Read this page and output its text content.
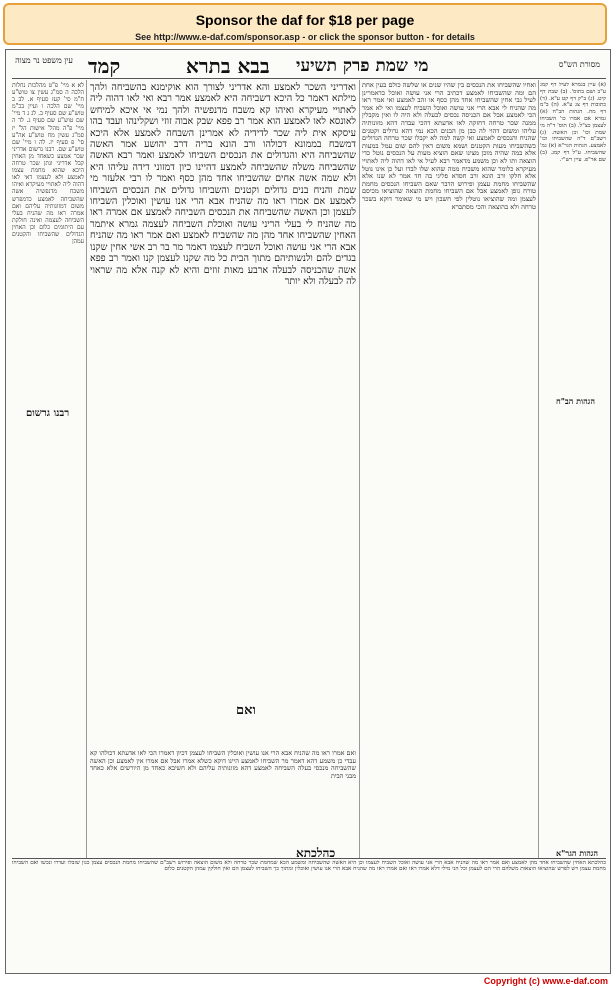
Sponsor the daf for $18 per page
See http://www.e-daf.com/sponsor.asp - or click the sponsor button - for details
עין משפט נר מצוה קמד	מי שמת פרק תשיעי
בבא בתרא	מסורת הש"ס

לא א מיי' פ"ט מהלכות נחלות הלכה ה סמ"ג עשין צו טוש"ע ח"מ סי' קעז סעיף א. לב ב מיי' שם הלכה ו ועיין בכ"מ טוש"ע שם סעיף ב. לג ג ד מיי' שם טוש"ע שם סעיף ג. לד ה מיי' פ"ה מהל' אישות הל' יז סמ"ג עשין מח טוש"ע אה"ע סי' פ סעיף יז. לה ו מיי' שם טוש"ע שם. רבנו גרשום אדריני שכר אמצע כשאחד מן האחין קבל אדריני ונתן שכר טרחה היכא שהוא מחמת עצמו לאמצע ולא לעצמו דאי לאו דהוה ליה לאתויי מעיקרא ואיהו משבח מדנפשיה אשה שהשביחה לאמצע כדמפרש משום דמזונותיה עליהם ואם אמרה ראו מה שהניח בעלי השביחה לעצמה ואינה חולקת עם היתומים כלום וכן האחין הגדולים שהשביחו והקטנים עמהן

ואדריני השכר לאמצע והא אדריני לצורך הוא אוקימנא בהשביחה ולהך מילתא דאמר כל היכא דשביחה היא לאמצע אמר רבא ואי לאו דהוה ליה לאתויי מעיקרא ואיהו קא משבח מדנפשיה ולהך נמי אי איכא למיחש לאונסא לאו לאמצע הוא אמר רב פפא שבק אבוה זוזי ושקלינהו ועבד בהו עיסקא אית ליה שכר לדידיה לא אמרינן השבחה לאמצע אלא היכא דמשבח בממונא דכולהו ורב הונא בריה דרב יהושע אמר האשה שהשביחה היא והגדולים את הנכסים השביחו לאמצע ואמר רבא האשה שהשביחה משלה שהשביחה לאמצע דהיינו כיון דמזוני דידה עליהו היא ולא שמה אשה אחים שהשביחו אחד מהן כסף ואמר לו רבי אלעזר מי שמת והניח בנים גדולים וקטנים והשביחו גדולים את הנכסים השביחו לאמצע אם אמרו ראו מה שהניח אבא הרי אנו עושין ואוכלין השביחו לעצמן וכן האשה שהשביחה את הנכסים השביחה לאמצע אם אמרה ראו מה שהניח לי בעלי הריני עושה ואוכלת השביחה לעצמה גמרא איתמר האחין שהשביחו אחד מהן מה שהשביח לאמצע ואם אמר ראו מה שהניח אבא הרי אני עושה ואוכל השביח לעצמו דאמר מר בר רב אשי אחין שקנו בגדים להם ולנשותיהם מתוך הבית כל מה שקנו לעצמן קנו ואמר רב פפא אשה שהכניסה לבעלה ארבע מאות זוזים והיא לא קנה אלא מה שראוי לה לבעלה ולא יותר

ואחיו שהשביחו את הנכסים בין שהיו שנים או שלשה כולם בעין אחת הם ומה שהשביחו לאמצע דכתיב הרי אני עושה ואוכל כדאמרינן לעיל גבי אחין שהשביחו אחד מהן כסף או זהב לאמצע ואי אמר ראו מה שהניח לי אבא הרי אני עושה ואוכל השביח לעצמו ואי לא אמר הכי לאמצע אבל אם הכניסה נכסים לבעלה ולא היה לו ואין מקבלין ממנה שכר טרחה דחזקה לאו אדעתא דהכי עבדה דהא מזונותיה עליהו ומשום דהוי לה כבן מן הבנים הכא נמי דהא גדולים וקטנים שהניח והנכסים לאמצע ואי קשה למה לא יקבלו שכר טרחה הגדולים כשהשביחו מעות הקטנים ושמא משום דאין להם שום עמל במעות אלא במה שהיה מוכן מצינו שאם הוציא מעות על הנכסים נוטל כדי הוצאה ותו לא וכן משמע מדאמר רבא לעיל אי לאו דהוה ליה לאתויי מעיקרא כלומר שהוא משביח ממה שהוא שלו לבדו ועל כן אינו נוטל אלא חלקו ורב הונא ורב חסדא פליגי בה חד אמר לא שנו אלא שהשביחו מחמת עצמן ופירוש הדבר שאם השביחו הנכסים מחמת טורח גופן לאמצע אבל אם השביחו מחמת הוצאה שהוציאו מכיסם לעצמן ומה שהוציאו נוטלין לפי חשבון ויש מי שאומר דוקא בשכר טרחה ולא בהוצאה והכי מסתברא

(א) עיין בגמרא לעיל דף קמג ע"ב ושם בתוס'. (ב) שבת דף קיט. (ג) ב"ק דף קט ע"א. (ד) כתובות דף צג ע"א. (ה) ב"מ דף מח. הגהות הב"ח (א) גמרא אם אמרו כו' השביחו לעצמן כצ"ל. (ב) תוס' ד"ה מי שמת וכו' וכן האשה. (ג) רשב"ם ד"ה שהשביחו וכו' לאמצע. הגהות הגר"א (א) גמ' שהשביחו. ע"ל דף קמג. (ב) שם אר"פ. עיין רש"י.

ואם אמרו ראו מה שהניח אבא הרי אנו עושין ואוכלין השביחו לעצמן דכיון דאמרו הכי לאו אדעתא דכולהו קא עבדי כן משמע דהא דאמר מר השביחו לאמצע היינו דוקא כשלא אמרו אבל אם אמרו אין לאמצע וכן האשה שהשביחה מנכסי בעלה השביחה לאמצע דהא מזונותיה עליהם ולא חשיבא כאחד מן היורשים אלא כאחד מבני הבית

ואם
רבנו גרשום
הגהות הב"ח
הגהות הגר"א
כהלכתא

כהלכתא האחין שהשביחו אחד מהן לאמצע ואם אמר ראו מה שהניח אבא הרי אני עושה ואוכל השביח לעצמו וכן היא האשה שהשביחה ומשמע הכא שמחמת שכר טרחה ולא משום הוצאה ופירוש רשב"ם שהשביחו מחמת הנכסים עצמן כגון שזבלו ועדרו ונכשו ואם השביחו מחמת עצמן ויש לפרש שהוציאו הוצאות משלהם הרי הם לעצמן וכל הני מילי דלא אמרו ראו ואם אמרו ראו מה שהניח אבא הרי אנו עושין ואוכלין ומתוך כך השביחו לעצמן הם ואין חולקין עמהן הקטנים כלום

Copyright (c) www.e-daf.com
